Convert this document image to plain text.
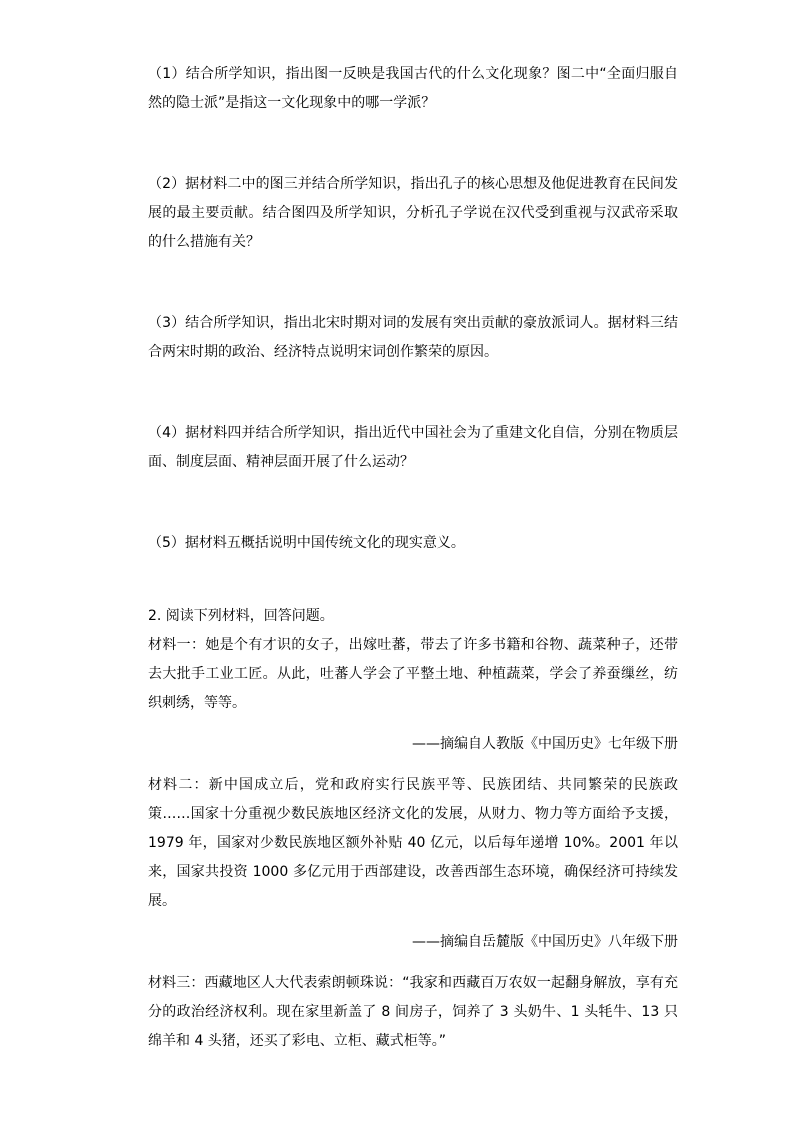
（1）结合所学知识，指出图一反映是我国古代的什么文化现象？图二中“全面归服自然的隐士派”是指这一文化现象中的哪一学派？

（2）据材料二中的图三并结合所学知识，指出孔子的核心思想及他促进教育在民间发展的最主要贡献。结合图四及所学知识，分析孔子学说在汉代受到重视与汉武帝采取的什么措施有关？

（3）结合所学知识，指出北宋时期对词的发展有突出贡献的豪放派词人。据材料三结合两宋时期的政治、经济特点说明宋词创作繁荣的原因。

（4）据材料四并结合所学知识，指出近代中国社会为了重建文化自信，分别在物质层面、制度层面、精神层面开展了什么运动？

（5）据材料五概括说明中国传统文化的现实意义。

2. 阅读下列材料，回答问题。

材料一：她是个有才识的女子，出嫁吐蕃，带去了许多书籍和谷物、蔬菜种子，还带去大批手工业工匠。从此，吐蕃人学会了平整土地、种植蔬菜，学会了养蚕缫丝，纺织刺绣，等等。

——摘编自人教版《中国历史》七年级下册

材料二：新中国成立后，党和政府实行民族平等、民族团结、共同繁荣的民族政策……国家十分重视少数民族地区经济文化的发展，从财力、物力等方面给予支援，1979 年，国家对少数民族地区额外补贴 40 亿元，以后每年递增 10%。2001 年以来，国家共投资 1000 多亿元用于西部建设，改善西部生态环境，确保经济可持续发展。

——摘编自岳麓版《中国历史》八年级下册

材料三：西藏地区人大代表索朗顿珠说：“我家和西藏百万农奴一起翻身解放，享有充分的政治经济权利。现在家里新盖了 8 间房子，饲养了 3 头奶牛、1 头牦牛、13 只绵羊和 4 头猪，还买了彩电、立柜、藏式柜等。”
